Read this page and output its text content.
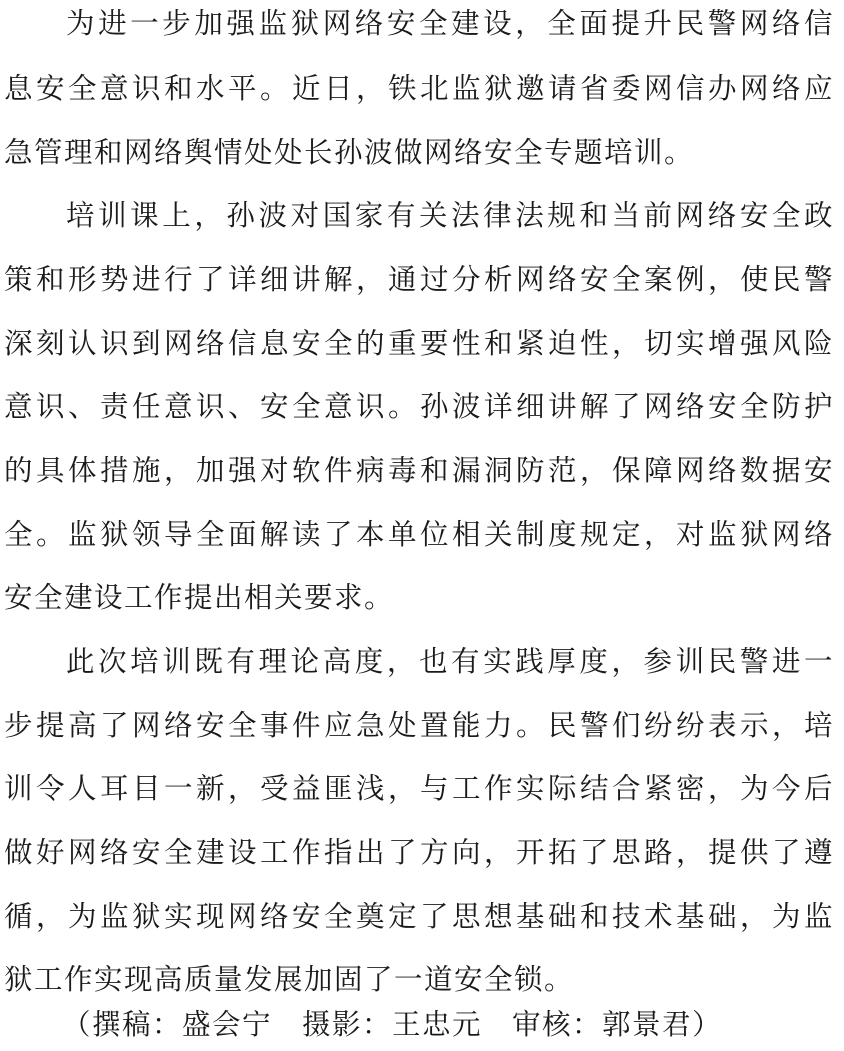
为进一步加强监狱网络安全建设，全面提升民警网络信
息安全意识和水平。近日，铁北监狱邀请省委网信办网络应
急管理和网络舆情处处长孙波做网络安全专题培训。
培训课上，孙波对国家有关法律法规和当前网络安全政
策和形势进行了详细讲解，通过分析网络安全案例，使民警
深刻认识到网络信息安全的重要性和紧迫性，切实增强风险
意识、责任意识、安全意识。孙波详细讲解了网络安全防护
的具体措施，加强对软件病毒和漏洞防范，保障网络数据安
全。监狱领导全面解读了本单位相关制度规定，对监狱网络
安全建设工作提出相关要求。
此次培训既有理论高度，也有实践厚度，参训民警进一
步提高了网络安全事件应急处置能力。民警们纷纷表示，培
训令人耳目一新，受益匪浅，与工作实际结合紧密，为今后
做好网络安全建设工作指出了方向，开拓了思路，提供了遵
循，为监狱实现网络安全奠定了思想基础和技术基础，为监
狱工作实现高质量发展加固了一道安全锁。
（撰稿：盛会宁 摄影：王忠元 审核：郭景君）
